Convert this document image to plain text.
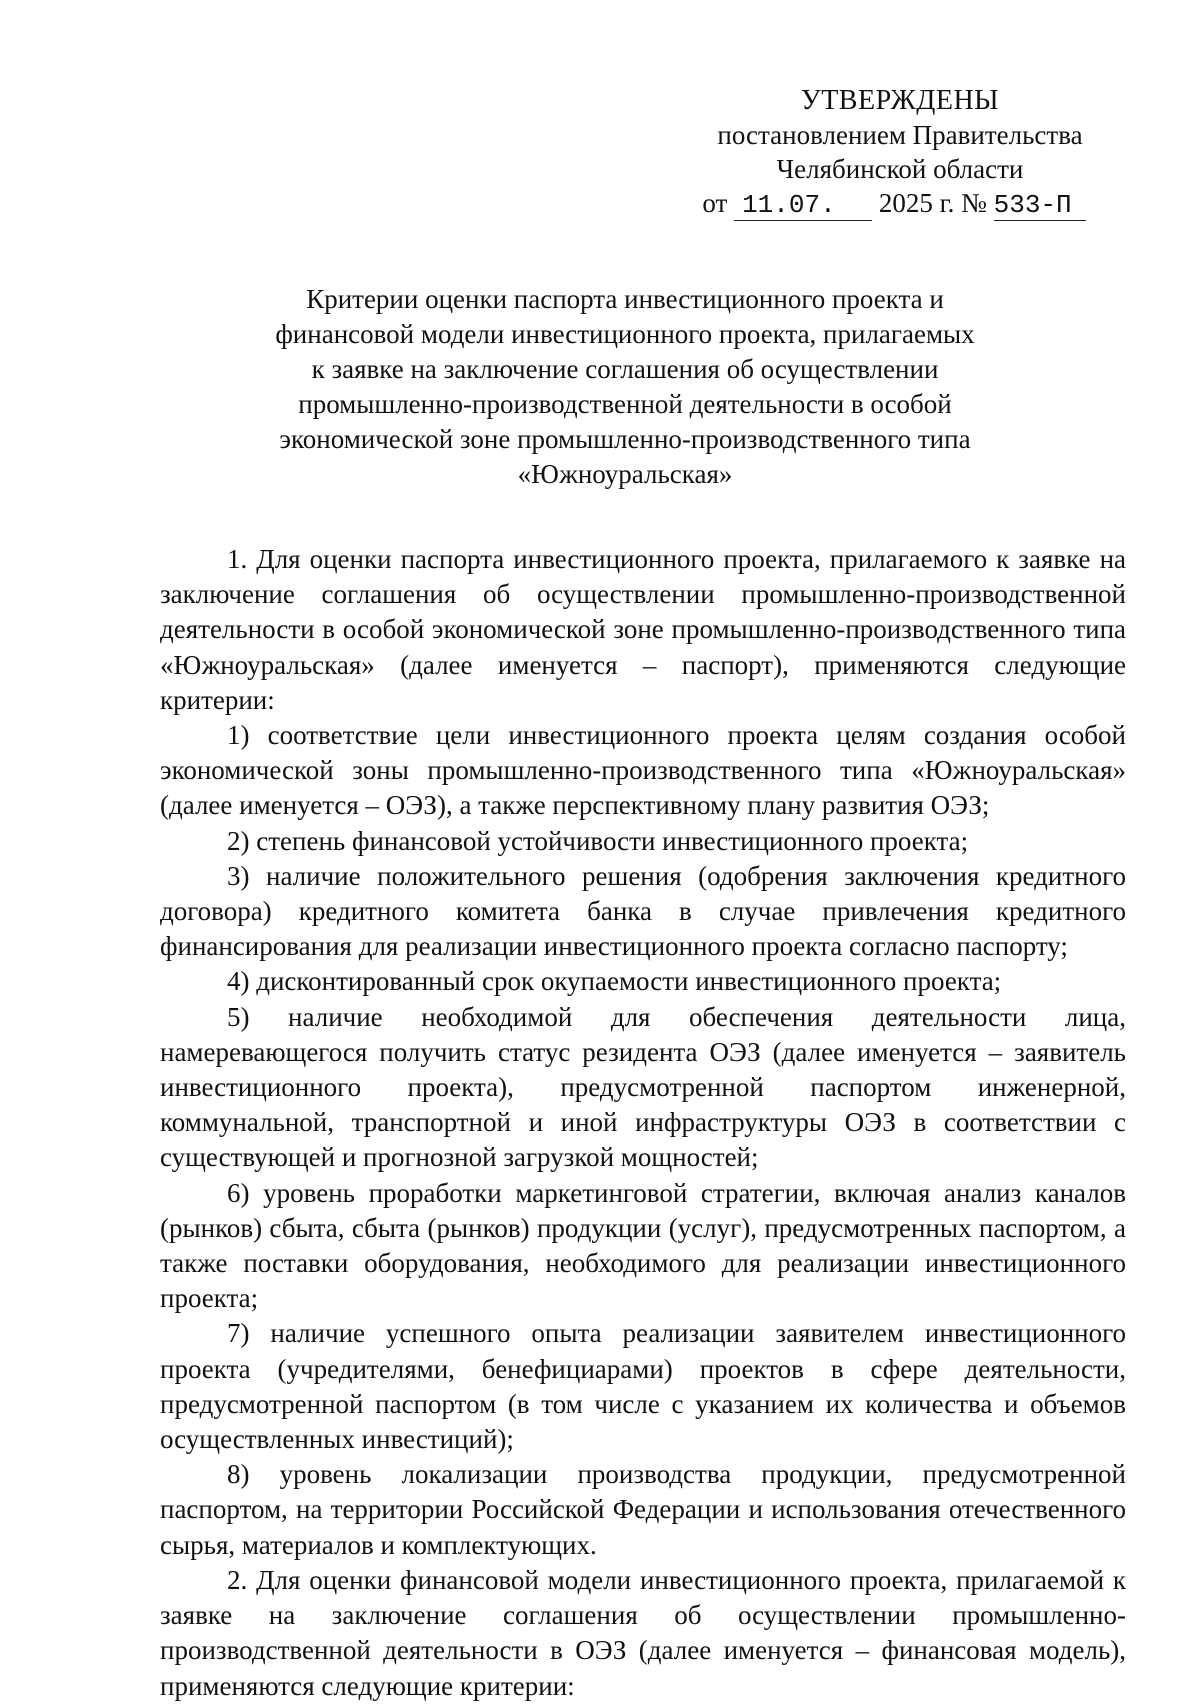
УТВЕРЖДЕНЫ
постановлением Правительства
Челябинской области
от 11.07. 2025 г. № 533-П
Критерии оценки паспорта инвестиционного проекта и
финансовой модели инвестиционного проекта, прилагаемых
к заявке на заключение соглашения об осуществлении
промышленно-производственной деятельности в особой
экономической зоне промышленно-производственного типа
«Южноуральская»

1. Для оценки паспорта инвестиционного проекта, прилагаемого к заявке на заключение соглашения об осуществлении промышленно-производственной деятельности в особой экономической зоне промышленно-производственного типа «Южноуральская» (далее именуется – паспорт), применяются следующие критерии:

1) соответствие цели инвестиционного проекта целям создания особой экономической зоны промышленно-производственного типа «Южноуральская» (далее именуется – ОЭЗ), а также перспективному плану развития ОЭЗ;

2) степень финансовой устойчивости инвестиционного проекта;

3) наличие положительного решения (одобрения заключения кредитного договора) кредитного комитета банка в случае привлечения кредитного финансирования для реализации инвестиционного проекта согласно паспорту;

4) дисконтированный срок окупаемости инвестиционного проекта;

5) наличие необходимой для обеспечения деятельности лица, намеревающегося получить статус резидента ОЭЗ (далее именуется – заявитель инвестиционного проекта), предусмотренной паспортом инженерной, коммунальной, транспортной и иной инфраструктуры ОЭЗ в соответствии с существующей и прогнозной загрузкой мощностей;

6) уровень проработки маркетинговой стратегии, включая анализ каналов (рынков) сбыта, сбыта (рынков) продукции (услуг), предусмотренных паспортом, а также поставки оборудования, необходимого для реализации инвестиционного проекта;

7) наличие успешного опыта реализации заявителем инвестиционного проекта (учредителями, бенефициарами) проектов в сфере деятельности, предусмотренной паспортом (в том числе с указанием их количества и объемов осуществленных инвестиций);

8) уровень локализации производства продукции, предусмотренной паспортом, на территории Российской Федерации и использования отечественного сырья, материалов и комплектующих.

2. Для оценки финансовой модели инвестиционного проекта, прилагаемой к заявке на заключение соглашения об осуществлении промышленно-производственной деятельности в ОЭЗ (далее именуется – финансовая модель), применяются следующие критерии:
